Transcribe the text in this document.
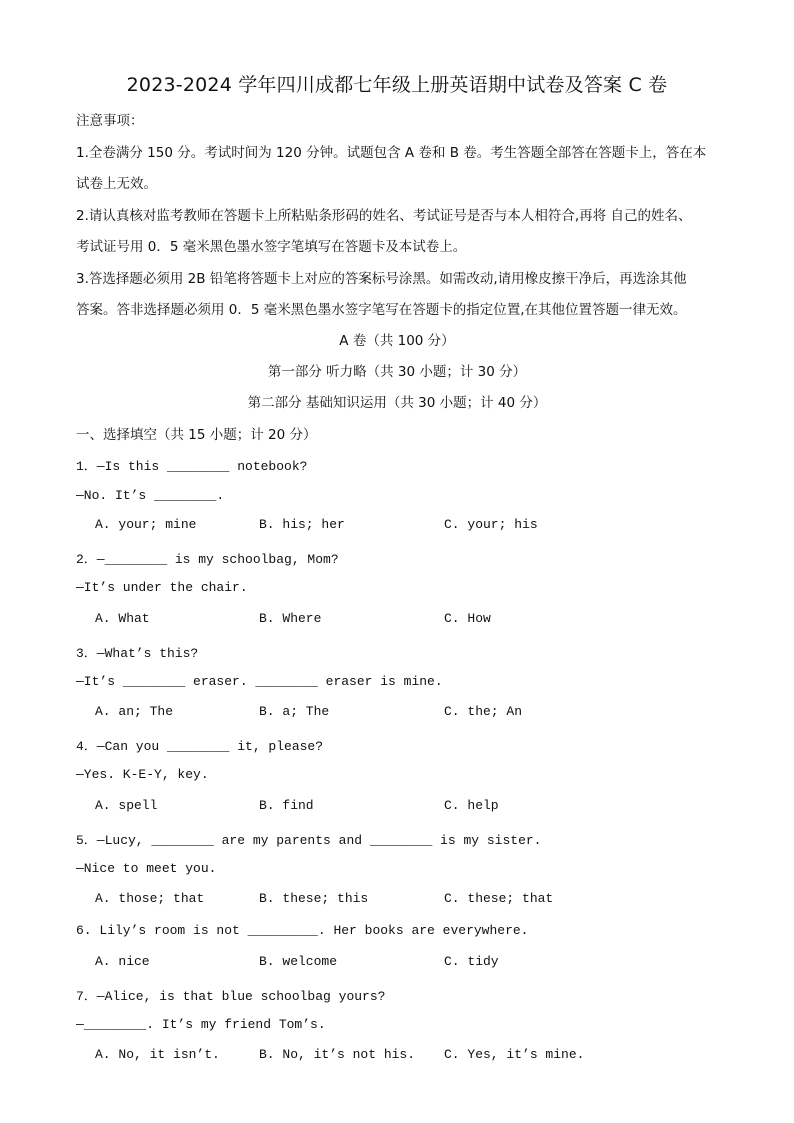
2023-2024 学年四川成都七年级上册英语期中试卷及答案 C 卷
注意事项：
1.全卷满分 150 分。考试时间为 120 分钟。试题包含 A 卷和 B 卷。考生答题全部答在答题卡上，答在本
试卷上无效。
2.请认真核对监考教师在答题卡上所粘贴条形码的姓名、考试证号是否与本人相符合,再将 自己的姓名、
考试证号用 0．5 毫米黑色墨水签字笔填写在答题卡及本试卷上。
3.答选择题必须用 2B 铅笔将答题卡上对应的答案标号涂黑。如需改动,请用橡皮擦干净后，再选涂其他
答案。答非选择题必须用 0．5 毫米黑色墨水签字笔写在答题卡的指定位置,在其他位置答题一律无效。
A 卷（共 100 分）
第一部分 听力略（共 30 小题；计 30 分）
第二部分 基础知识运用（共 30 小题；计 40 分）
一、选择填空（共 15 小题；计 20 分）
1．—Is this ________ notebook?
—No. It’s ________.
A. your; mine	B. his; her	C. your; his
2．—________ is my schoolbag, Mom?
—It’s under the chair.
A. What	B. Where	C. How
3．—What’s this?
—It’s ________ eraser. ________ eraser is mine.
A. an; The	B. a; The	C. the; An
4．—Can you ________ it, please?
—Yes. K-E-Y, key.
A. spell	B. find	C. help
5．—Lucy, ________ are my parents and ________ is my sister.
—Nice to meet you.
A. those; that	B. these; this	C. these; that
6. Lily’s room is not _________. Her books are everywhere.
A. nice	B. welcome	C. tidy
7．—Alice, is that blue schoolbag yours?
—________. It’s my friend Tom’s.
A. No, it isn’t.	B. No, it’s not his. C. Yes, it’s mine.
